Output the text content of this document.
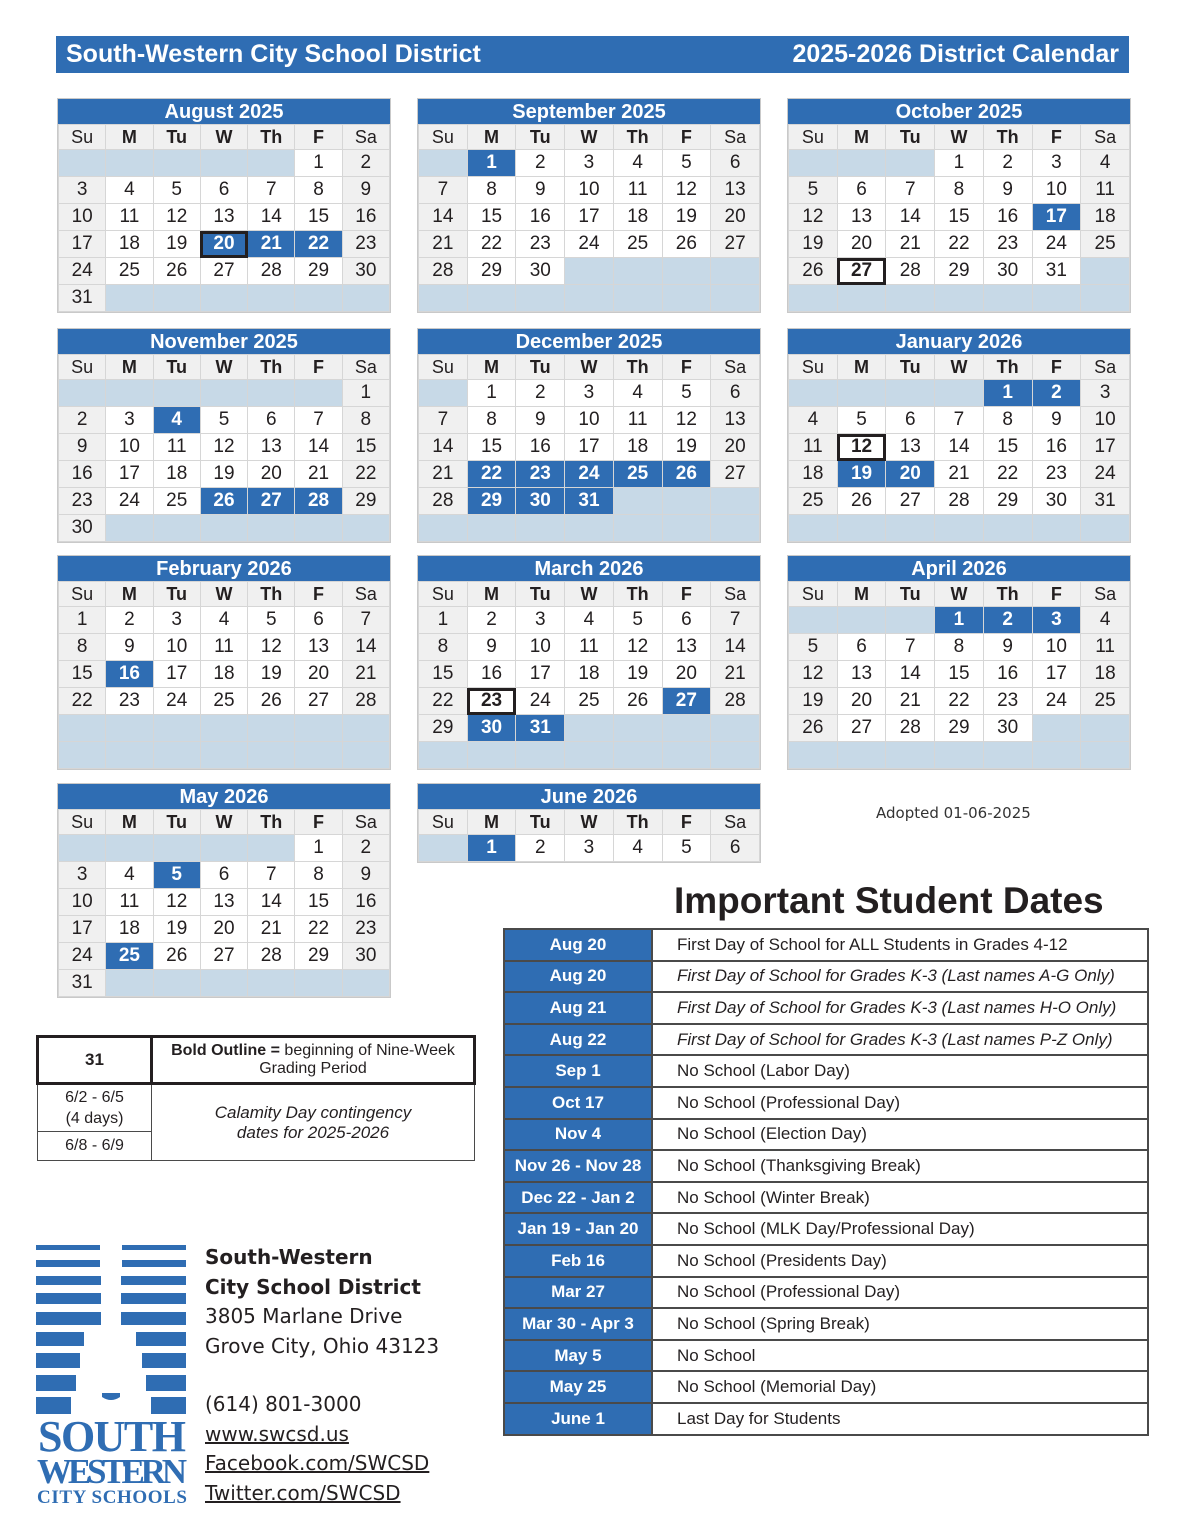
South-Western City School District	2025-2026 District Calendar
August 2025
Su	M	Tu	W	Th	F	Sa
					1	2
3	4	5	6	7	8	9
10	11	12	13	14	15	16
17	18	19	20	21	22	23
24	25	26	27	28	29	30
31						
September 2025
Su	M	Tu	W	Th	F	Sa
	1	2	3	4	5	6
7	8	9	10	11	12	13
14	15	16	17	18	19	20
21	22	23	24	25	26	27
28	29	30				

October 2025
Su	M	Tu	W	Th	F	Sa
			1	2	3	4
5	6	7	8	9	10	11
12	13	14	15	16	17	18
19	20	21	22	23	24	25
26	27	28	29	30	31	

November 2025
Su	M	Tu	W	Th	F	Sa
						1
2	3	4	5	6	7	8
9	10	11	12	13	14	15
16	17	18	19	20	21	22
23	24	25	26	27	28	29
30						
December 2025
Su	M	Tu	W	Th	F	Sa
	1	2	3	4	5	6
7	8	9	10	11	12	13
14	15	16	17	18	19	20
21	22	23	24	25	26	27
28	29	30	31			

January 2026
Su	M	Tu	W	Th	F	Sa
				1	2	3
4	5	6	7	8	9	10
11	12	13	14	15	16	17
18	19	20	21	22	23	24
25	26	27	28	29	30	31

February 2026
Su	M	Tu	W	Th	F	Sa
1	2	3	4	5	6	7
8	9	10	11	12	13	14
15	16	17	18	19	20	21
22	23	24	25	26	27	28

March 2026
Su	M	Tu	W	Th	F	Sa
1	2	3	4	5	6	7
8	9	10	11	12	13	14
15	16	17	18	19	20	21
22	23	24	25	26	27	28
29	30	31				

April 2026
Su	M	Tu	W	Th	F	Sa
			1	2	3	4
5	6	7	8	9	10	11
12	13	14	15	16	17	18
19	20	21	22	23	24	25
26	27	28	29	30		

May 2026
Su	M	Tu	W	Th	F	Sa
					1	2
3	4	5	6	7	8	9
10	11	12	13	14	15	16
17	18	19	20	21	22	23
24	25	26	27	28	29	30
31						
June 2026
Su	M	Tu	W	Th	F	Sa
	1	2	3	4	5	6
Adopted 01-06-2025
Important Student Dates
Aug 20	First Day of School for ALL Students in Grades 4-12
Aug 20	First Day of School for Grades K-3 (Last names A-G Only)
Aug 21	First Day of School for Grades K-3 (Last names H-O Only)
Aug 22	First Day of School for Grades K-3 (Last names P-Z Only)
Sep 1	No School (Labor Day)
Oct 17	No School (Professional Day)
Nov 4	No School (Election Day)
Nov 26 - Nov 28	No School (Thanksgiving Break)
Dec 22 - Jan 2	No School (Winter Break)
Jan 19 - Jan 20	No School (MLK Day/Professional Day)
Feb 16	No School (Presidents Day)
Mar 27	No School (Professional Day)
Mar 30 - Apr 3	No School (Spring Break)
May 5	No School
May 25	No School (Memorial Day)
June 1	Last Day for Students
31	Bold Outline = beginning of Nine-Week Grading Period
6/2 - 6/5
(4 days)	Calamity Day contingency dates for 2025-2026
6/8 - 6/9	
SOUTH
WESTERN
CITY SCHOOLS
South-Western
City School District
3805 Marlane Drive
Grove City, Ohio 43123
(614) 801-3000
www.swcsd.us
Facebook.com/SWCSD
Twitter.com/SWCSD
